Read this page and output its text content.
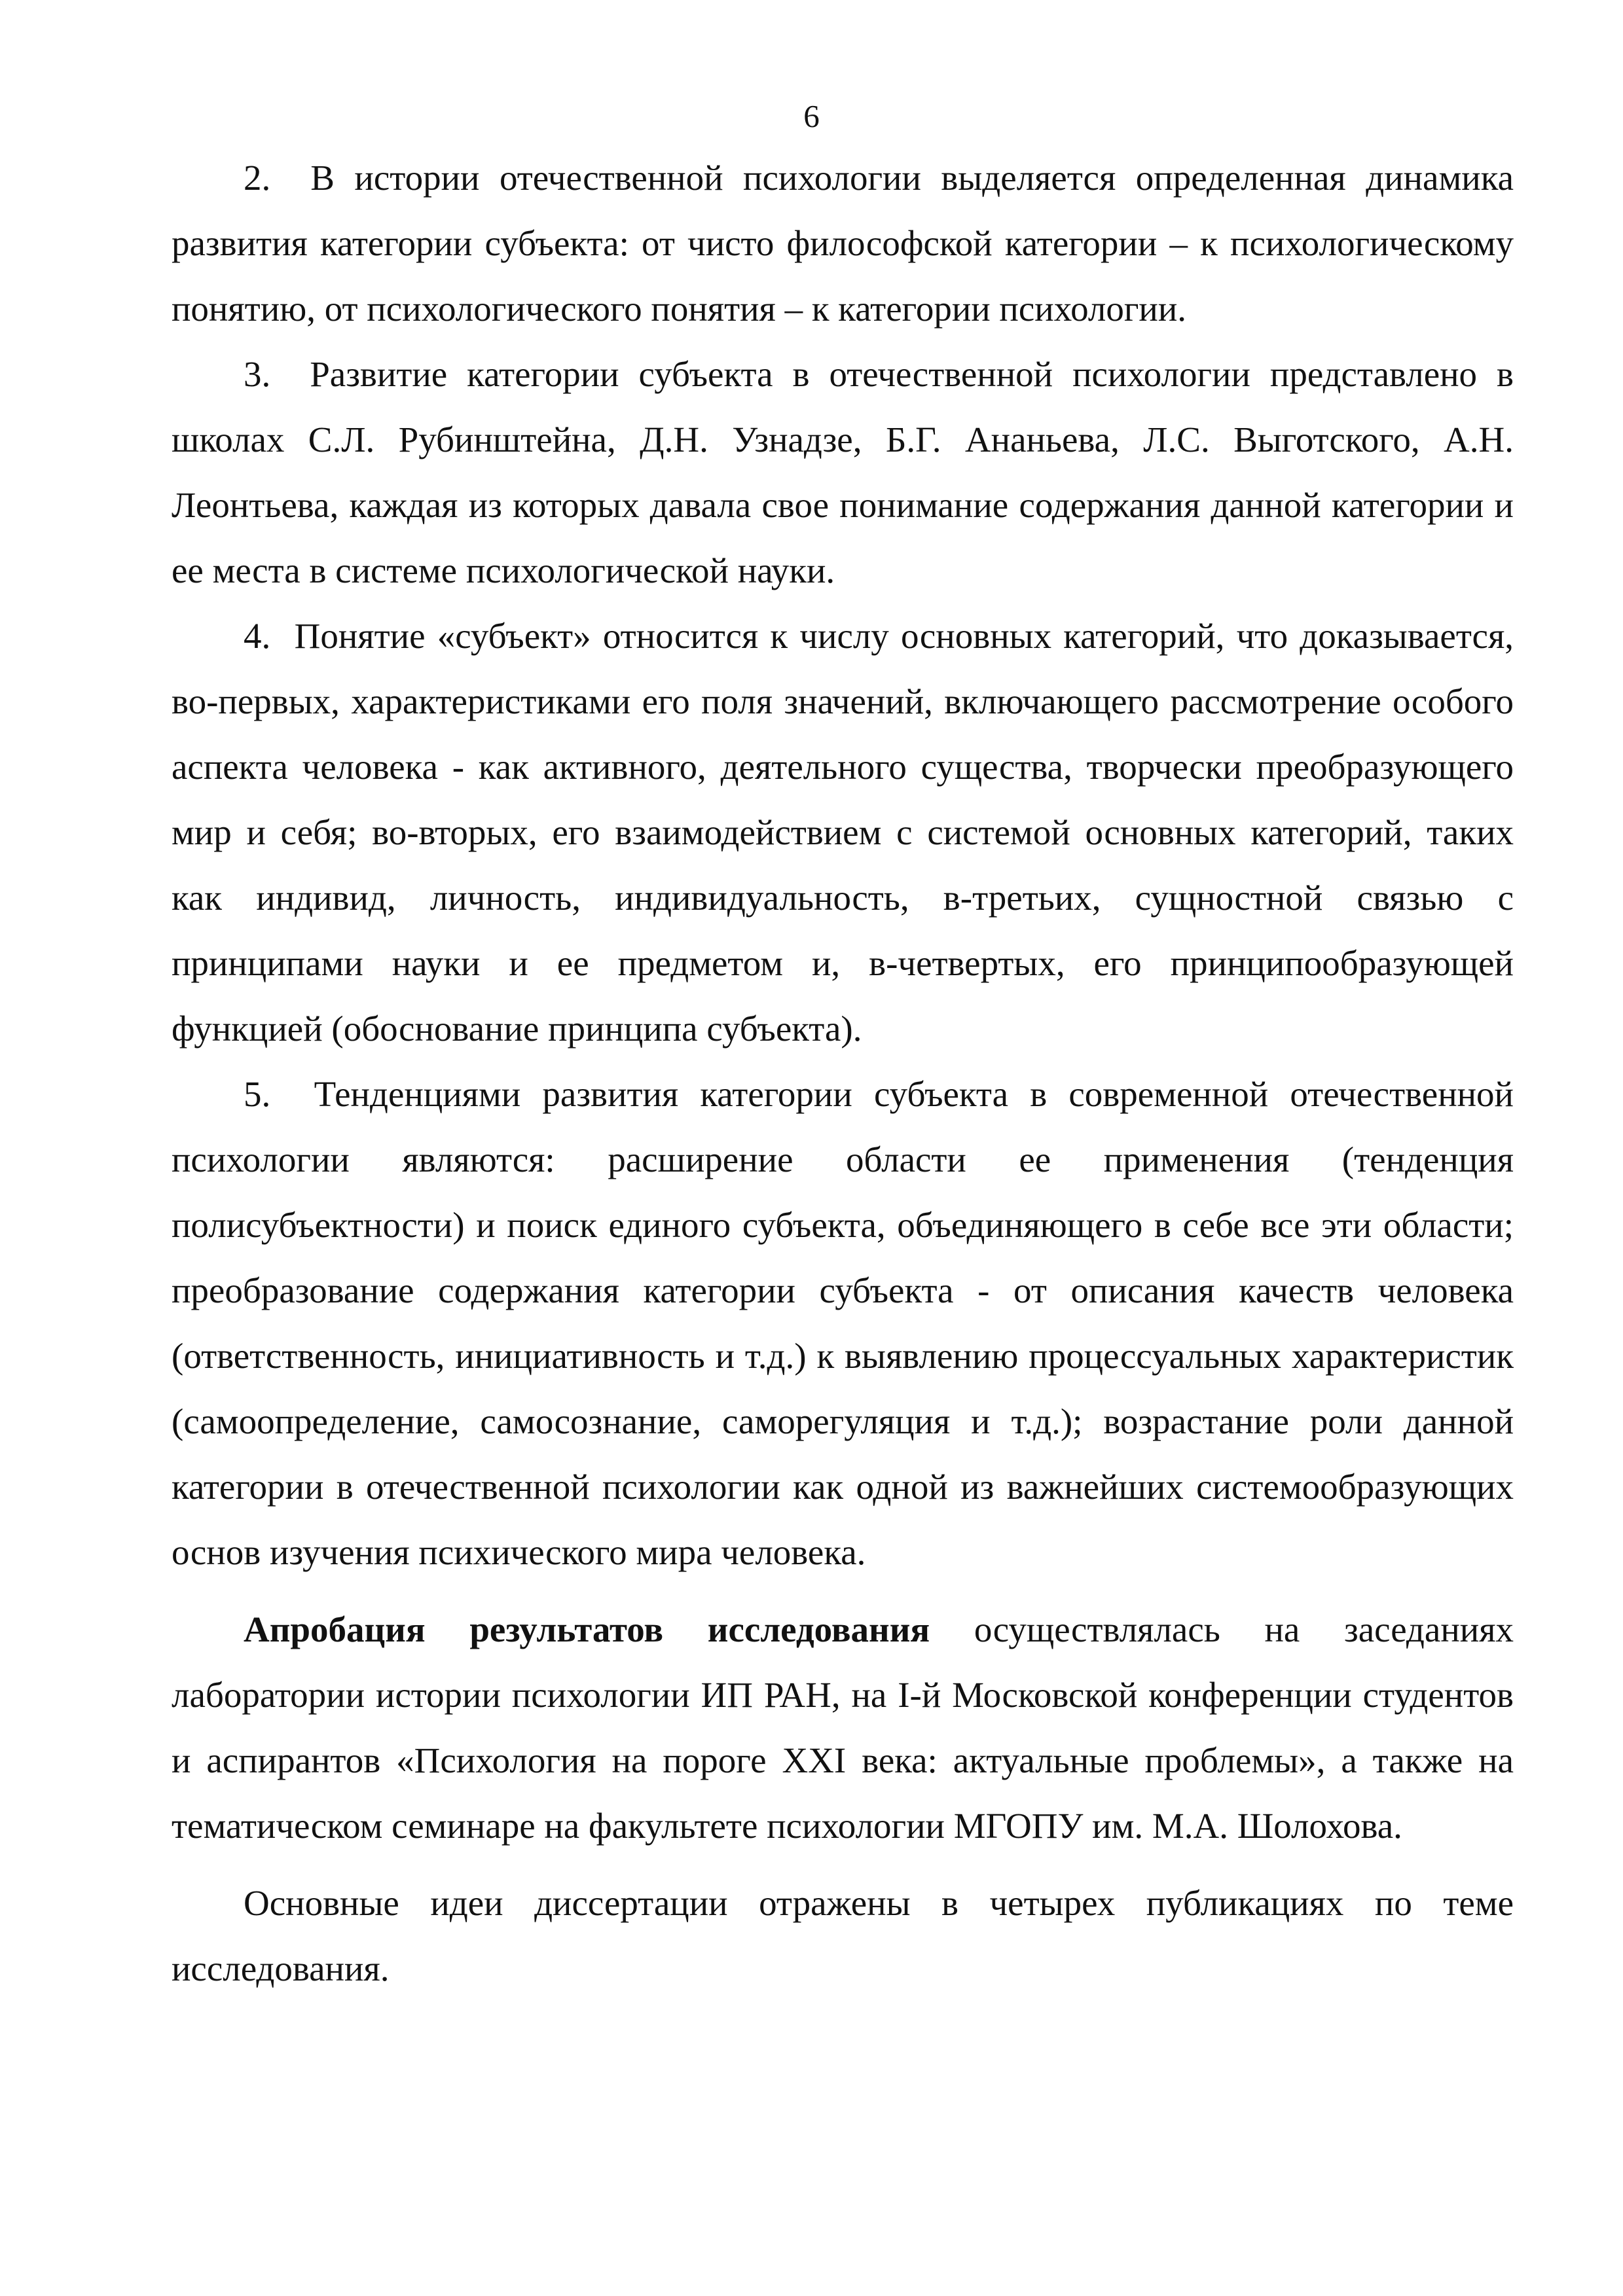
6

2. В истории отечественной психологии выделяется определенная динамика развития категории субъекта: от чисто философской категории – к психологическому понятию, от психологического понятия – к категории психологии.

3. Развитие категории субъекта в отечественной психологии представлено в школах С.Л. Рубинштейна, Д.Н. Узнадзе, Б.Г. Ананьева, Л.С. Выготского, А.Н. Леонтьева, каждая из которых давала свое понимание содержания данной категории и ее места в системе психологической науки.

4. Понятие «субъект» относится к числу основных категорий, что доказывается, во-первых, характеристиками его поля значений, включающего рассмотрение особого аспекта человека - как активного, деятельного существа, творчески преобразующего мир и себя; во-вторых, его взаимодействием с системой основных категорий, таких как индивид, личность, индивидуальность, в-третьих, сущностной связью с принципами науки и ее предметом и, в-четвертых, его принципообразующей функцией (обоснование принципа субъекта).

5. Тенденциями развития категории субъекта в современной отечественной психологии являются: расширение области ее применения (тенденция полисубъектности) и поиск единого субъекта, объединяющего в себе все эти области; преобразование содержания категории субъекта - от описания качеств человека (ответственность, инициативность и т.д.) к выявлению процессуальных характеристик (самоопределение, самосознание, саморегуляция и т.д.); возрастание роли данной категории в отечественной психологии как одной из важнейших системообразующих основ изучения психического мира человека.

Апробация результатов исследования осуществлялась на заседаниях лаборатории истории психологии ИП РАН, на I-й Московской конференции студентов и аспирантов «Психология на пороге XXI века: актуальные проблемы», а также на тематическом семинаре на факультете психологии МГОПУ им. М.А. Шолохова.

Основные идеи диссертации отражены в четырех публикациях по теме исследования.
